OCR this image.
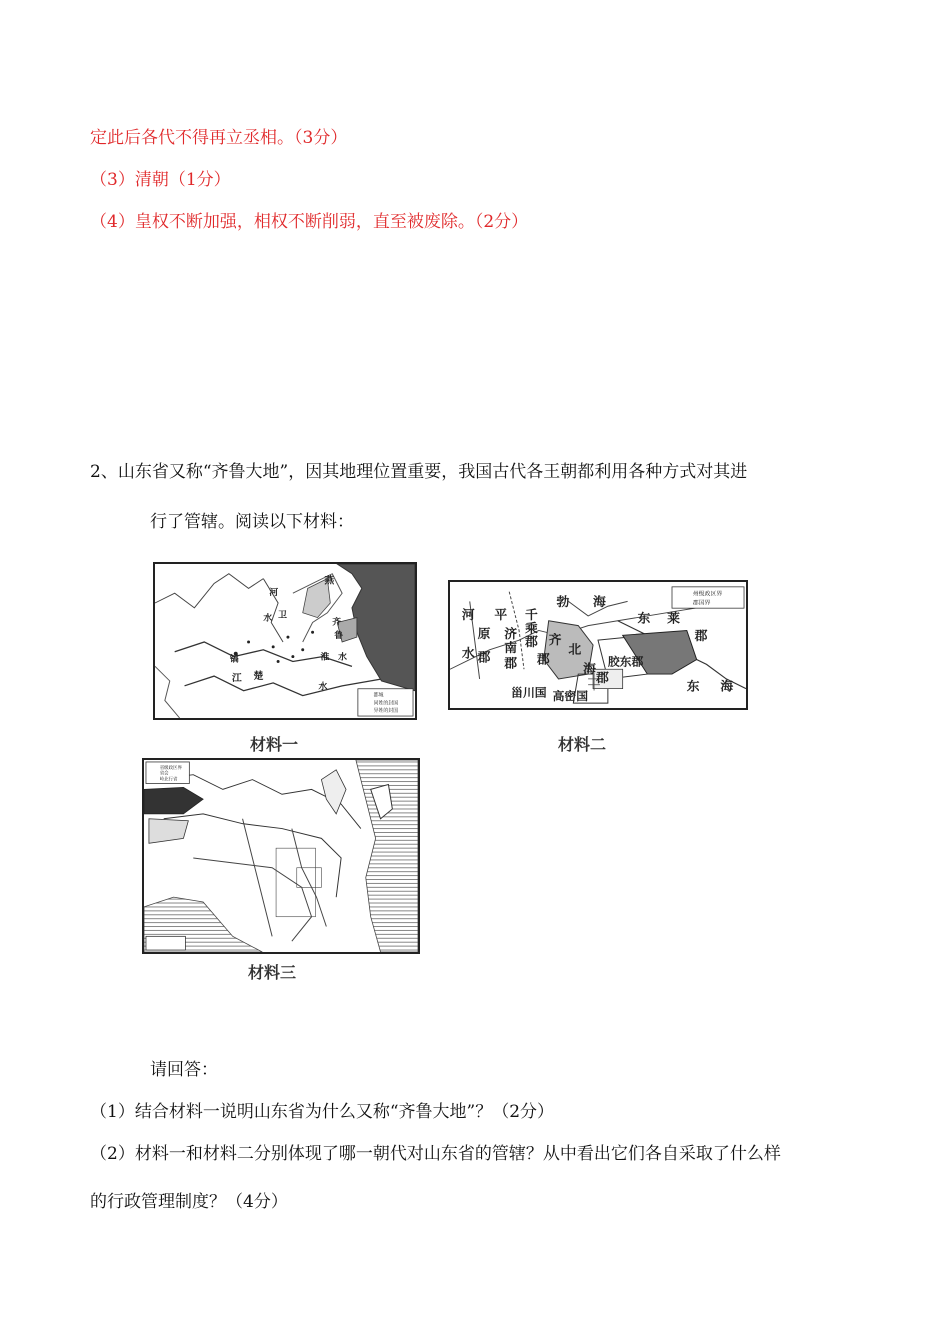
定此后各代不得再立丞相。（3分）
（3）清朝（1分）
（4）皇权不断加强，相权不断削弱，直至被废除。（2分）
2、山东省又称“齐鲁大地”，因其地理位置重要，我国古代各王朝都利用各种方式对其进
行了管辖。阅读以下材料：
燕
河
水 卫
齐
鲁
淮 水
镐
江 楚
水
都城
同姓的封国
异姓的封国
材料一
州级政区界
郡国界
河
原
水 郡
平
济
南
郡
千
乘
郡 齐
北
郡
海
郡
勃 海
东 莱
郡
胶东郡
甾川国 高密国
东 海
材料二
省级政区界
省会
岭北行省
材料三
请回答：
（1）结合材料一说明山东省为什么又称“齐鲁大地”？（2分）
（2）材料一和材料二分别体现了哪一朝代对山东省的管辖？从中看出它们各自采取了什么样
的行政管理制度？（4分）
